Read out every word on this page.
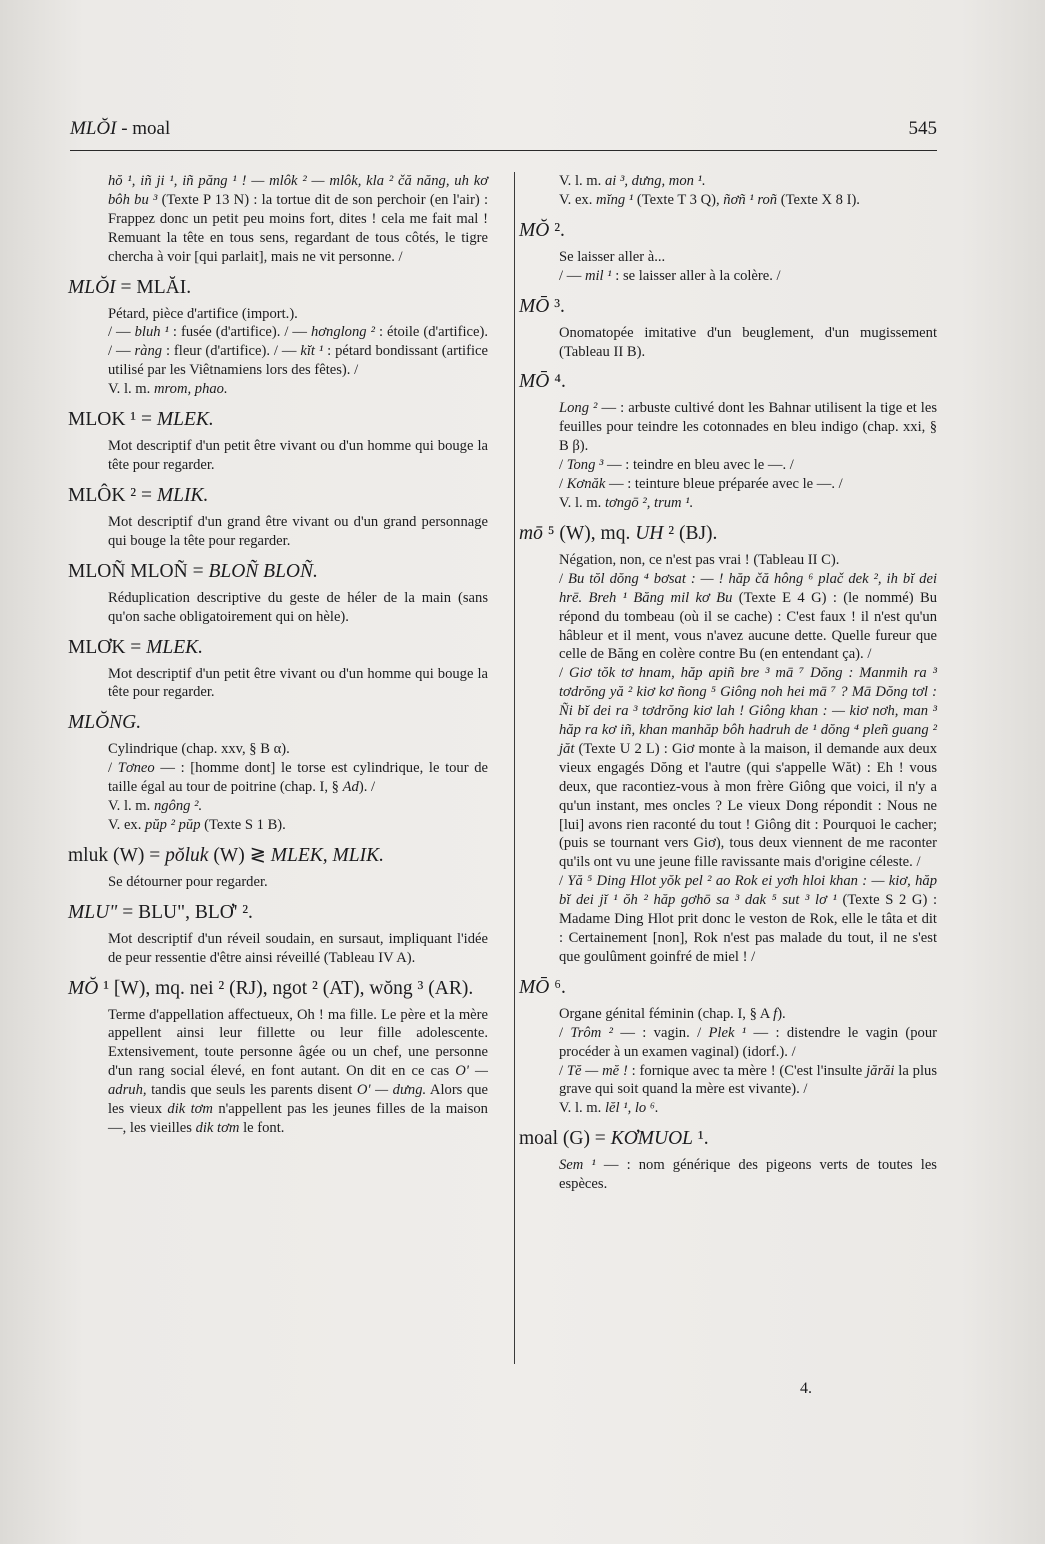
MLŎI - moal	545
hŏ ¹, iñ ji ¹, iñ păng ¹ ! — mlôk ² — mlôk, kla ² čă năng, uh kơ bôh bu ³ (Texte P 13 N) : la tortue dit de son perchoir (en l'air) : Frappez donc un petit peu moins fort, dites ! cela me fait mal ! Remuant la tête en tous sens, regardant de tous côtés, le tigre chercha à voir [qui parlait], mais ne vit personne. /
MLŎI = MLĂI.

Pétard, pièce d'artifice (import.).

/ — bluh ¹ : fusée (d'artifice). / — hơnglong ² : étoile (d'artifice). / — ràng : fleur (d'artifice). / — kĭt ¹ : pétard bondissant (artifice utilisé par les Viêtnamiens lors des fêtes). /

V. l. m. mrom, phao.

MLOK ¹ = MLEK.

Mot descriptif d'un petit être vivant ou d'un homme qui bouge la tête pour regarder.

MLÔK ² = MLIK.

Mot descriptif d'un grand être vivant ou d'un grand personnage qui bouge la tête pour regarder.

MLOÑ MLOÑ = BLOÑ BLOÑ.

Réduplication descriptive du geste de héler de la main (sans qu'on sache obligatoirement qui on hèle).

MLƠK = MLEK.

Mot descriptif d'un petit être vivant ou d'un homme qui bouge la tête pour regarder.

MLŎNG.

Cylindrique (chap. xxv, § B α).

/ Tơneo — : [homme dont] le torse est cylindrique, le tour de taille égal au tour de poitrine (chap. I, § Ad). /

V. l. m. ngông ².

V. ex. pŭp ² pŭp (Texte S 1 B).

mluk (W) = pŏluk (W) ≷ MLEK, MLIK.

Se détourner pour regarder.

MLU" = BLU", BLƠ' ².

Mot descriptif d'un réveil soudain, en sursaut, impliquant l'idée de peur ressentie d'être ainsi réveillé (Tableau IV A).

MŎ ¹ [W), mq. nei ² (RJ), ngot ² (AT), wŏng ³ (AR).

Terme d'appellation affectueux, Oh ! ma fille. Le père et la mère appellent ainsi leur fillette ou leur fille adolescente. Extensivement, toute personne âgée ou un chef, une personne d'un rang social élevé, en font autant. On dit en ce cas O' — adruh, tandis que seuls les parents disent O' — dưng. Alors que les vieux dik tơm n'appellent pas les jeunes filles de la maison —, les vieilles dik tơm le font.

V. l. m. ai ³, dưng, mon ¹.

V. ex. mĭng ¹ (Texte T 3 Q), ñơñ ¹ roñ (Texte X 8 I).

MŎ ².

Se laisser aller à...

/ — mil ¹ : se laisser aller à la colère. /

MŌ ³.

Onomatopée imitative d'un beuglement, d'un mugissement (Tableau II B).

MŌ ⁴.

Long ² — : arbuste cultivé dont les Bahnar utilisent la tige et les feuilles pour teindre les cotonnades en bleu indigo (chap. xxi, § B β).

/ Tong ³ — : teindre en bleu avec le —. /

/ Kơnăk — : teinture bleue préparée avec le —. /

V. l. m. tơngō ², trum ¹.

mō ⁵ (W), mq. UH ² (BJ).

Négation, non, ce n'est pas vrai ! (Tableau II C).

/ Bu tŏl dŏng ⁴ bơsat : — ! hăp čă hông ⁶ plač dek ², ih bĭ dei hrē. Breh ¹ Băng mil kơ Bu (Texte E 4 G) : (le nommé) Bu répond du tombeau (où il se cache) : C'est faux ! il n'est qu'un hâbleur et il ment, vous n'avez aucune dette. Quelle fureur que celle de Băng en colère contre Bu (en entendant ça). /

/ Giơ tŏk tơ hnam, hăp apiñ bre ³ mā ⁷ Dŏng : Manmih ra ³ tơdrŏng yă ² kiơ kơ ñong ⁵ Giông noh hei mā ⁷ ? Mā Dŏng tơl : Ñi bĭ dei ra ³ tơdrŏng kiơ lah ! Giông khan : — kiơ nơh, man ³ hăp ra kơ iñ, khan manhăp bôh hadruh de ¹ dŏng ⁴ pleñ guang ² jăt (Texte U 2 L) : Giơ monte à la maison, il demande aux deux vieux engagés Dŏng et l'autre (qui s'appelle Wăt) : Eh ! vous deux, que racontiez-vous à mon frère Giông que voici, il n'y a qu'un instant, mes oncles ? Le vieux Dong répondit : Nous ne [lui] avons rien raconté du tout ! Giông dit : Pourquoi le cacher; (puis se tournant vers Giơ), tous deux viennent de me raconter qu'ils ont vu une jeune fille ravissante mais d'origine céleste. /

/ Yă ⁵ Ding Hlot yŏk pel ² ao Rok ei yơh hloi khan : — kiơ, hăp bĭ dei jĭ ¹ ŏh ² hăp gơhō sa ³ dak ⁵ sut ³ lơ ¹ (Texte S 2 G) : Madame Ding Hlot prit donc le veston de Rok, elle le tâta et dit : Certainement [non], Rok n'est pas malade du tout, il ne s'est que goulûment goinfré de miel ! /

MŌ ⁶.

Organe génital féminin (chap. I, § A f).

/ Trôm ² — : vagin. / Plek ¹ — : distendre le vagin (pour procéder à un examen vaginal) (idorf.). /

/ Tĕ — mĕ ! : fornique avec ta mère ! (C'est l'insulte jărăi la plus grave qui soit quand la mère est vivante). /

V. l. m. lĕl ¹, lo ⁶.

moal (G) = KƠMUOL ¹.

Sem ¹ — : nom générique des pigeons verts de toutes les espèces.

4.
